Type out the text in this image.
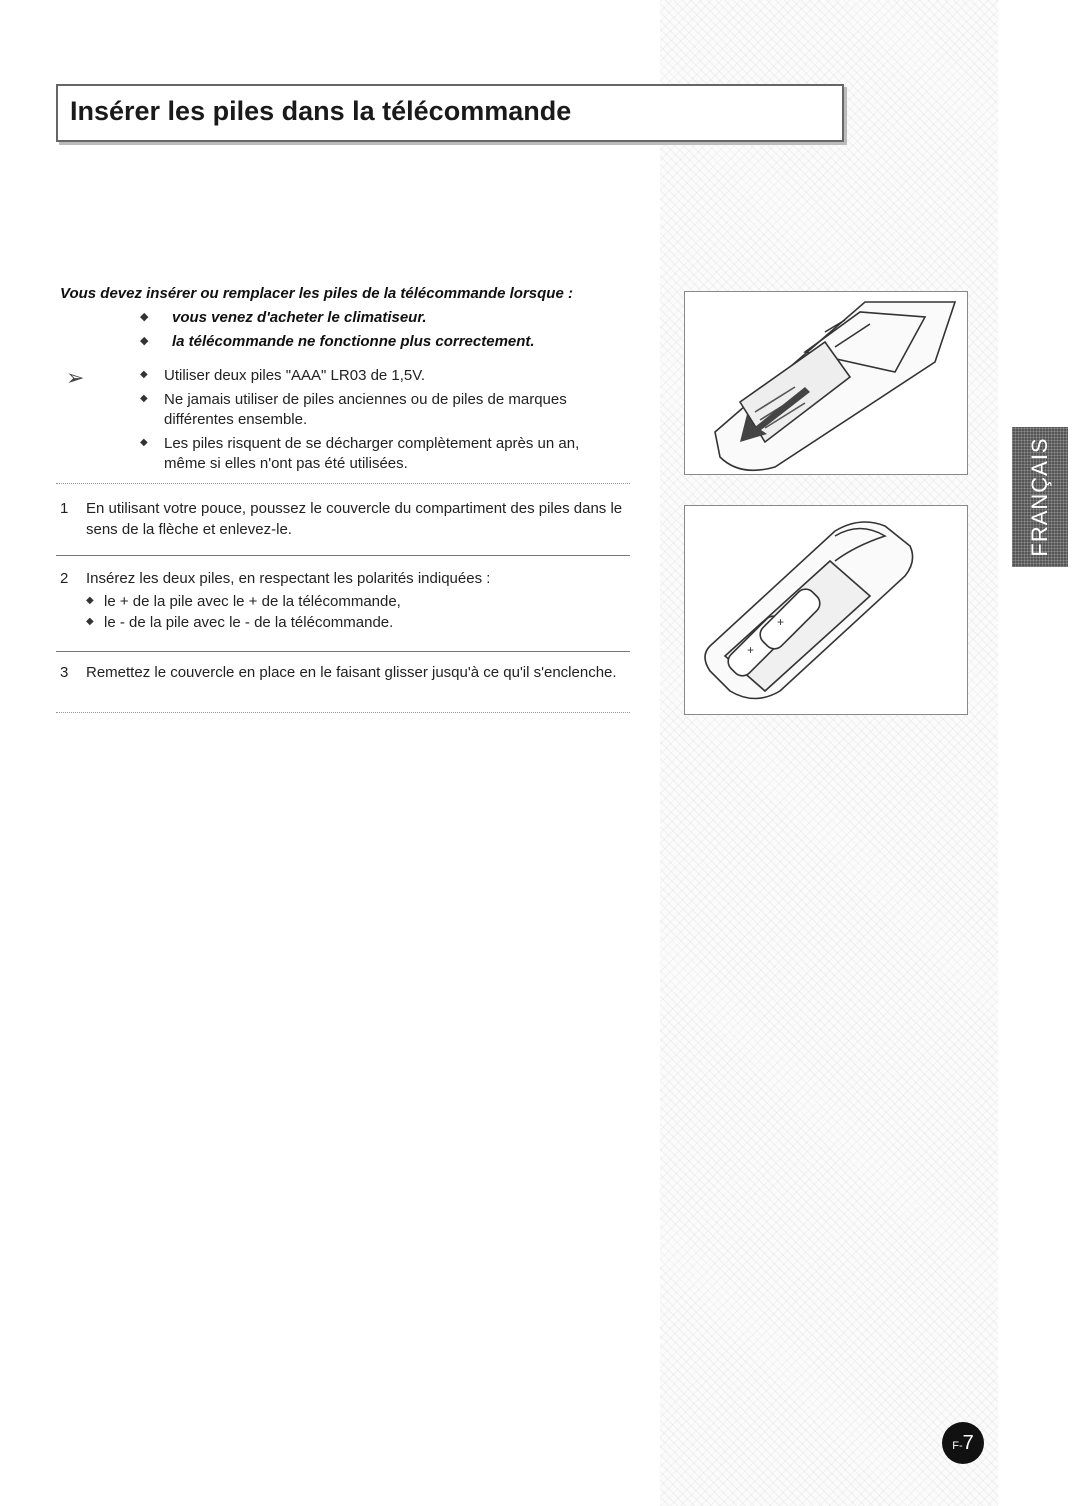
Insérer les piles dans la télécommande
Vous devez insérer ou remplacer les piles de la télécommande lorsque :
◆ vous venez d'acheter le climatiseur.
◆ la télécommande ne fonctionne plus correctement.
➢	◆ Utiliser deux piles "AAA" LR03 de 1,5V.
◆ Ne jamais utiliser de piles anciennes ou de piles de marques différentes ensemble.
◆ Les piles risquent de se décharger complètement après un an, même si elles n'ont pas été utilisées.
1 En utilisant votre pouce, poussez le couvercle du compartiment des piles dans le sens de la flèche et enlevez-le.
2 Insérez les deux piles, en respectant les polarités indiquées :
◆ le + de la pile avec le + de la télécommande,
◆ le - de la pile avec le - de la télécommande.
3 Remettez le couvercle en place en le faisant glisser jusqu'à ce qu'il s'enclenche.
+
+
FRANÇAIS
F-7
